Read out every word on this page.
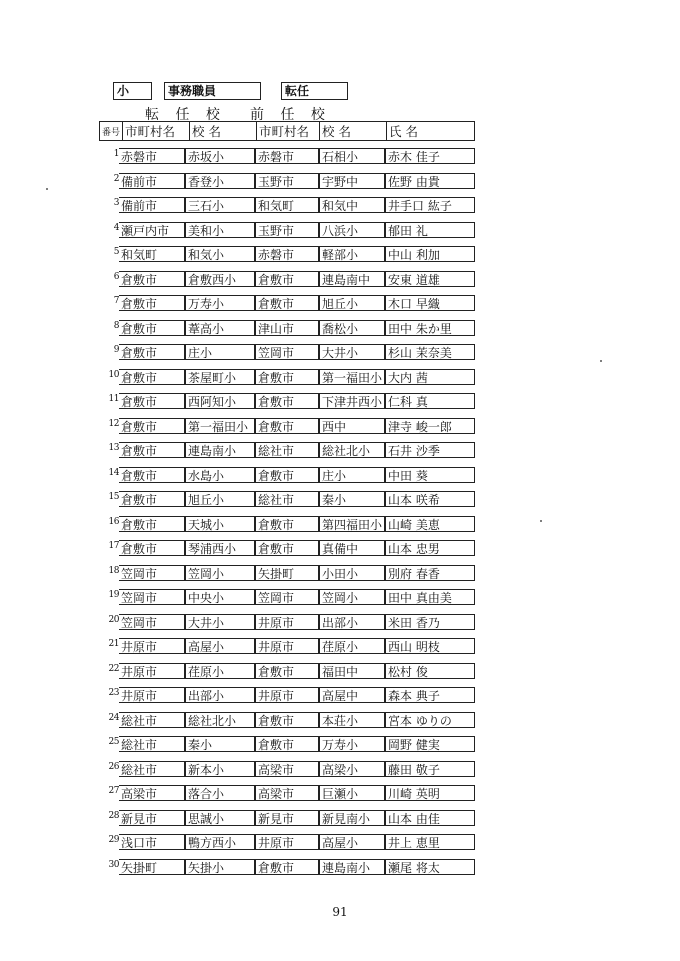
小	事務職員	転任
転 任 校 前 任 校
番号	市町村名	校 名	市町村名	校 名	氏 名
1 赤磐市	赤坂小	赤磐市	石相小	赤木 佳子
2 備前市	香登小	玉野市	宇野中	佐野 由貴
3 備前市	三石小	和気町	和気中	井手口 紘子
4 瀬戸内市	美和小	玉野市	八浜小	郁田 礼
5 和気町	和気小	赤磐市	軽部小	中山 利加
6 倉敷市	倉敷西小	倉敷市	連島南中	安東 道雄
7 倉敷市	万寿小	倉敷市	旭丘小	木口 早織
8 倉敷市	葦高小	津山市	喬松小	田中 朱か里
9 倉敷市	庄小	笠岡市	大井小	杉山 茉奈美
10 倉敷市	茶屋町小	倉敷市	第一福田小 大内 茜
11 倉敷市	西阿知小	倉敷市	下津井西小 仁科 真
12 倉敷市	第一福田小 倉敷市	西中	津寺 峻一郎
13 倉敷市	連島南小	総社市	総社北小	石井 沙季
14 倉敷市	水島小	倉敷市	庄小	中田 葵
15 倉敷市	旭丘小	総社市	秦小	山本 咲希
16 倉敷市	天城小	倉敷市	第四福田小 山崎 美恵
17 倉敷市	琴浦西小	倉敷市	真備中	山本 忠男
18 笠岡市	笠岡小	矢掛町	小田小	別府 春香
19 笠岡市	中央小	笠岡市	笠岡小	田中 真由美
20 笠岡市	大井小	井原市	出部小	米田 香乃
21 井原市	高屋小	井原市	荏原小	西山 明枝
22 井原市	荏原小	倉敷市	福田中	松村 俊
23 井原市	出部小	井原市	高屋中	森本 典子
24 総社市	総社北小	倉敷市	本荘小	宮本 ゆりの
25 総社市	秦小	倉敷市	万寿小	岡野 健実
26 総社市	新本小	高梁市	高梁小	藤田 敬子
27 高梁市	落合小	高梁市	巨瀬小	川崎 英明
28 新見市	思誠小	新見市	新見南小	山本 由佳
29 浅口市	鴨方西小	井原市	高屋小	井上 恵里
30 矢掛町	矢掛小	倉敷市	連島南小	瀬尾 将太
91
